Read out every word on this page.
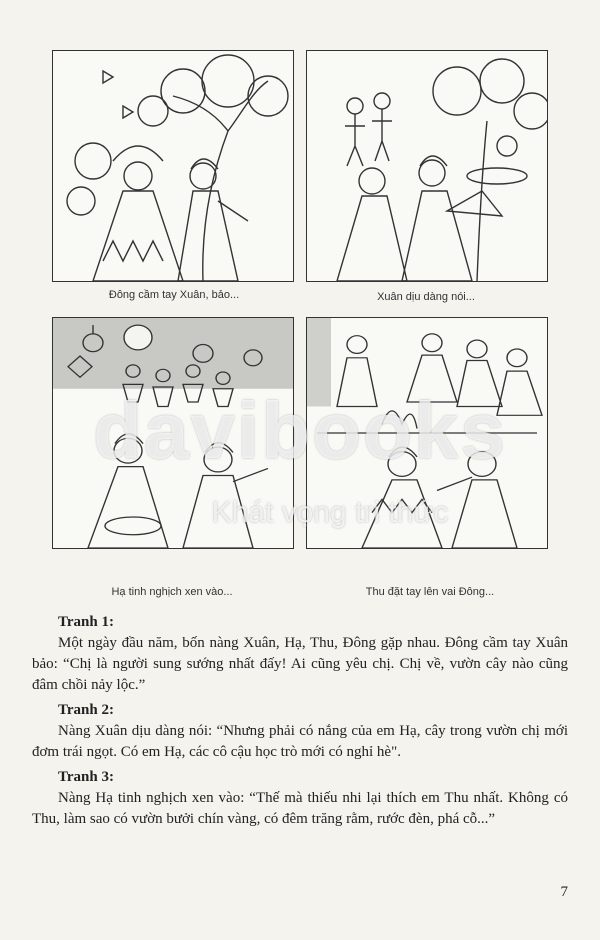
Đông cầm tay Xuân, bảo...	Xuân dịu dàng nói...
Hạ tinh nghịch xen vào...	Thu đặt tay lên vai Đông...
davibooks
Khát vọng tri thức

Tranh 1:

Một ngày đầu năm, bốn nàng Xuân, Hạ, Thu, Đông gặp nhau. Đông cầm tay Xuân bảo: “Chị là người sung sướng nhất đấy! Ai cũng yêu chị. Chị về, vườn cây nào cũng đâm chồi nảy lộc.”

Tranh 2:

Nàng Xuân dịu dàng nói: “Nhưng phải có nắng của em Hạ, cây trong vườn chị mới đơm trái ngọt. Có em Hạ, các cô cậu học trò mới có nghỉ hè".

Tranh 3:

Nàng Hạ tinh nghịch xen vào: “Thế mà thiếu nhi lại thích em Thu nhất. Không có Thu, làm sao có vườn bưởi chín vàng, có đêm trăng rằm, rước đèn, phá cỗ...”

7
